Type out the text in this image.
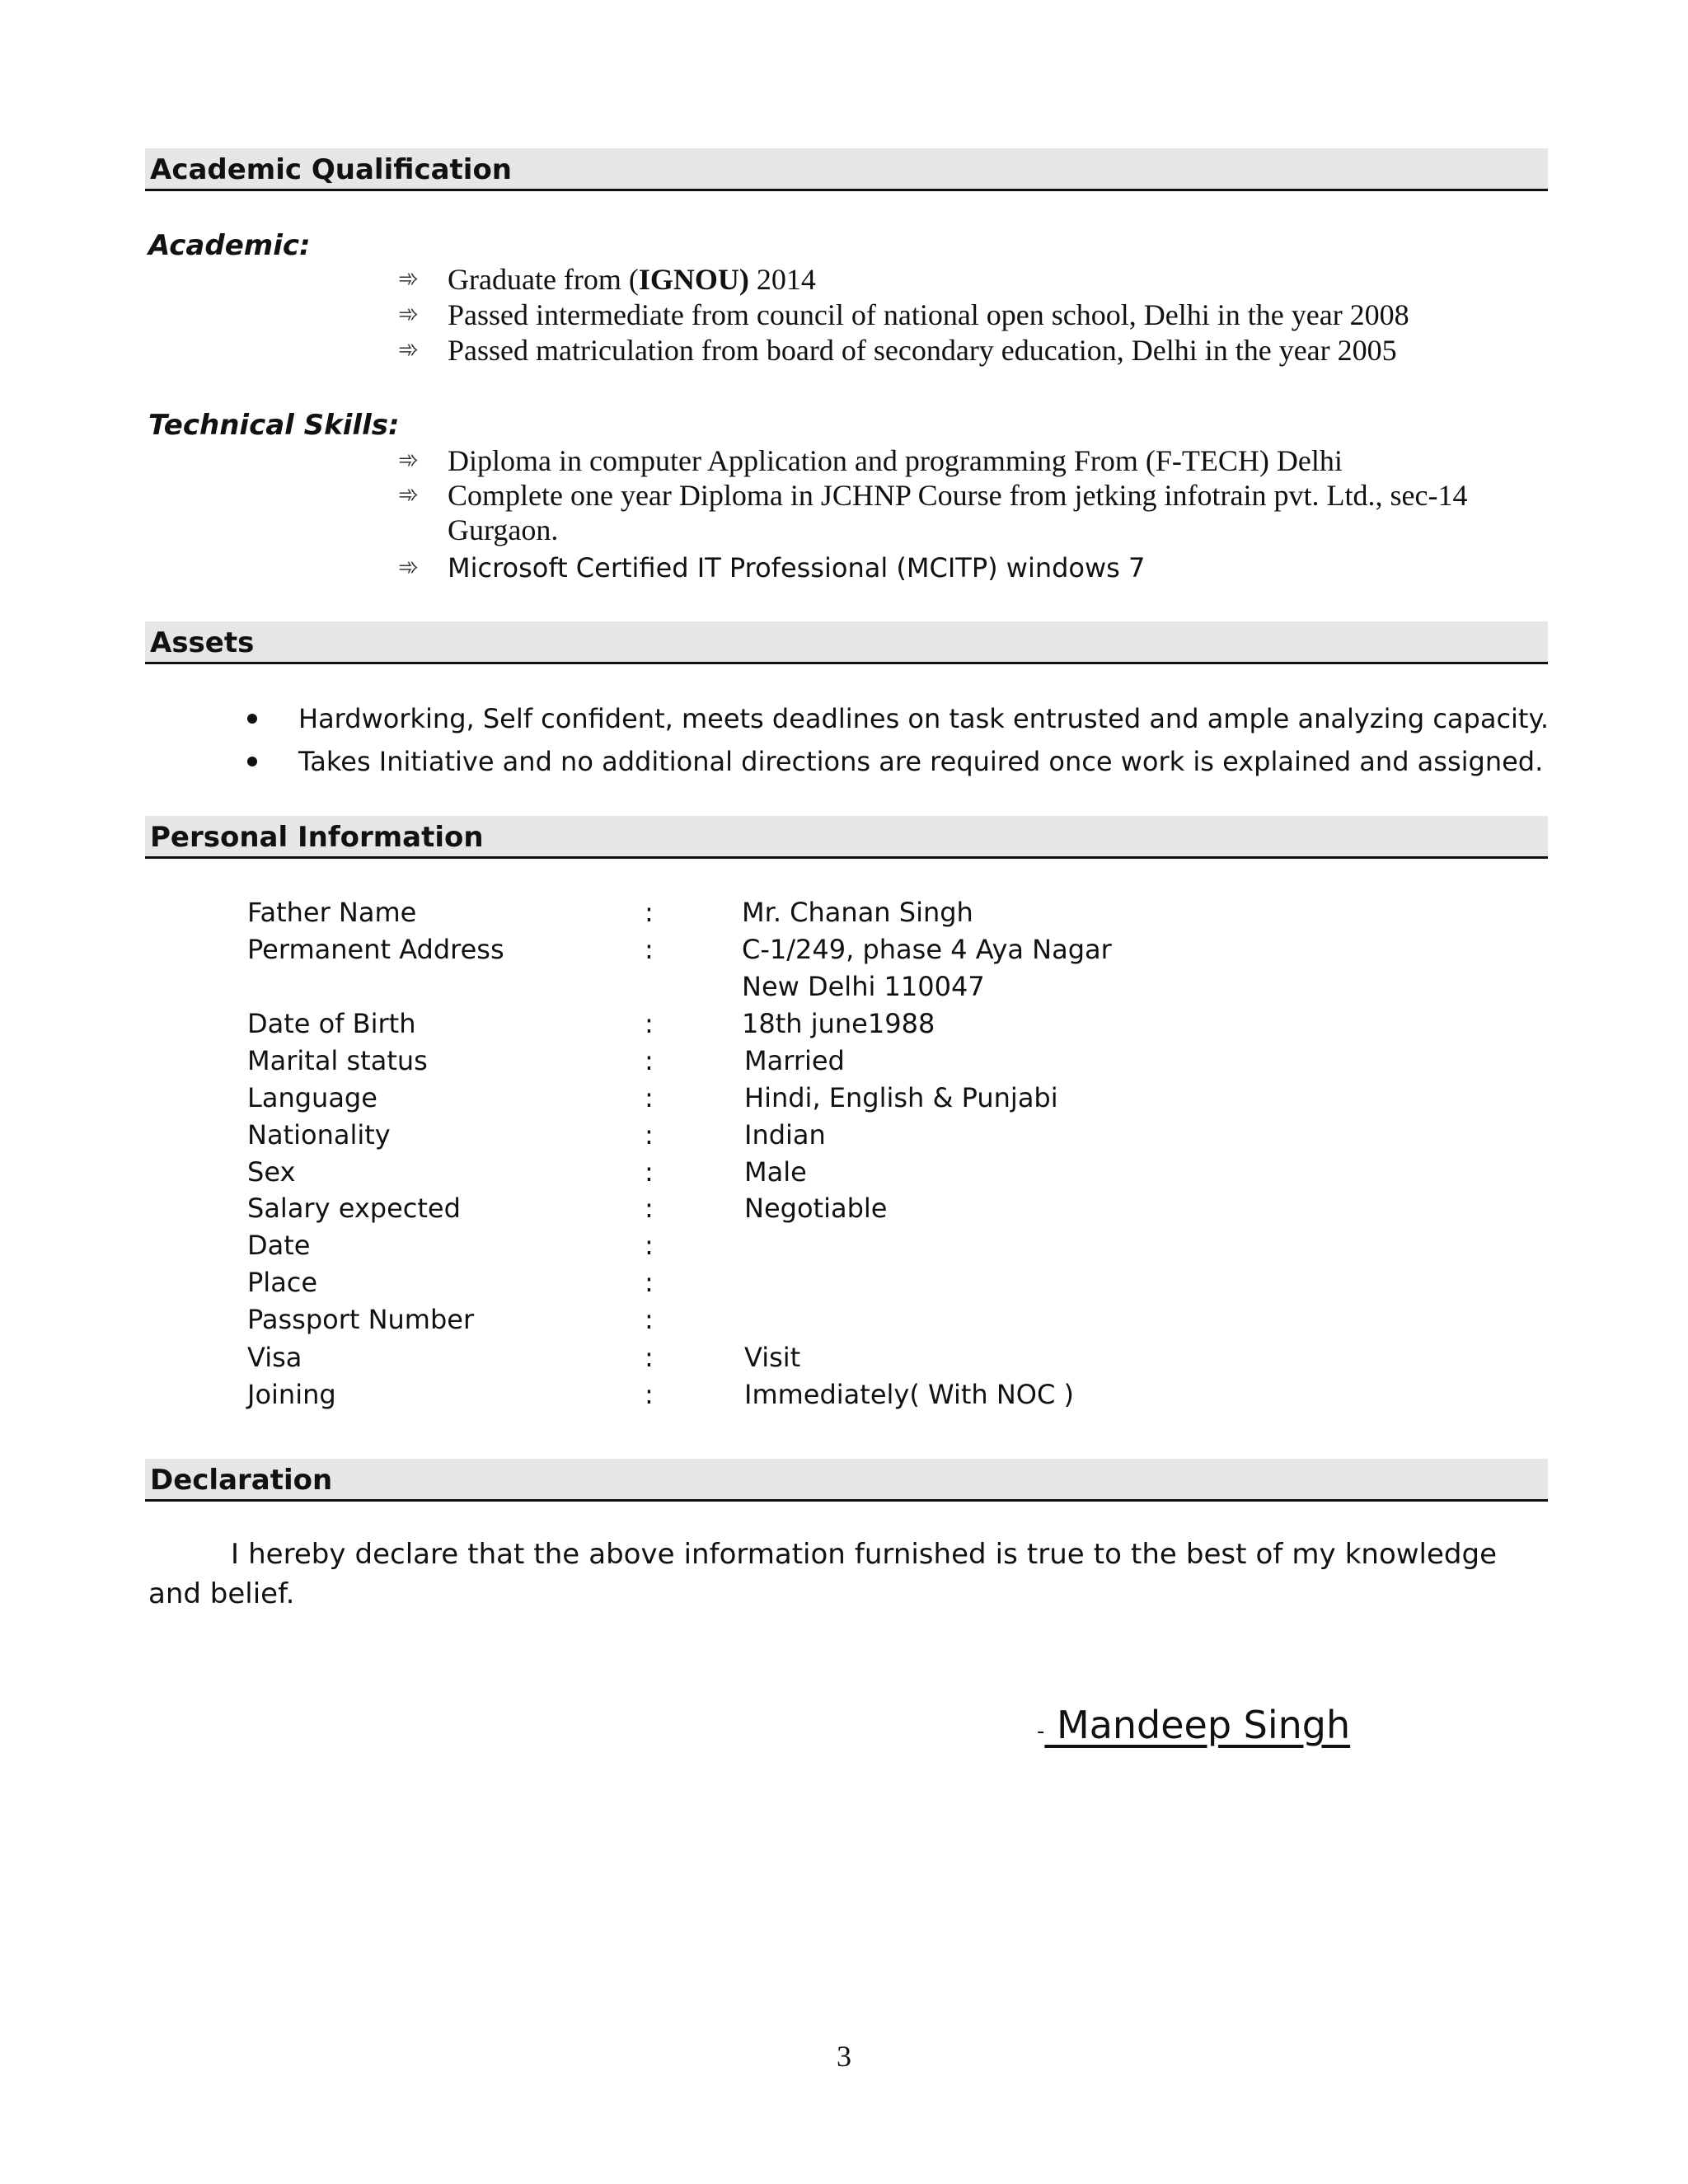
Academic Qualification
Academic:
➾ Graduate from (IGNOU) 2014
➾ Passed intermediate from council of national open school, Delhi in the year 2008
➾ Passed matriculation from board of secondary education, Delhi in the year 2005
Technical Skills:
➾ Diploma in computer Application and programming From (F-TECH) Delhi
➾ Complete one year Diploma in JCHNP Course from jetking infotrain pvt. Ltd., sec-14
Gurgaon.
➾	Microsoft Certified IT Professional (MCITP) windows 7
Assets
Hardworking, Self confident, meets deadlines on task entrusted and ample analyzing capacity.
Takes Initiative and no additional directions are required once work is explained and assigned.
Personal Information
Father Name	:	Mr. Chanan Singh
Permanent Address	:	C-1/249, phase 4 Aya Nagar
New Delhi 110047
Date of Birth	:	18th june1988
Marital status	:	Married
Language	:	Hindi, English & Punjabi
Nationality	:	Indian
Sex	:	Male
Salary expected	:	Negotiable
Date	:
Place	:
Passport Number	:
Visa	:	Visit
Joining	:	Immediately( With NOC )
Declaration
I hereby declare that the above information furnished is true to the best of my knowledge and belief.
- Mandeep Singh
3
